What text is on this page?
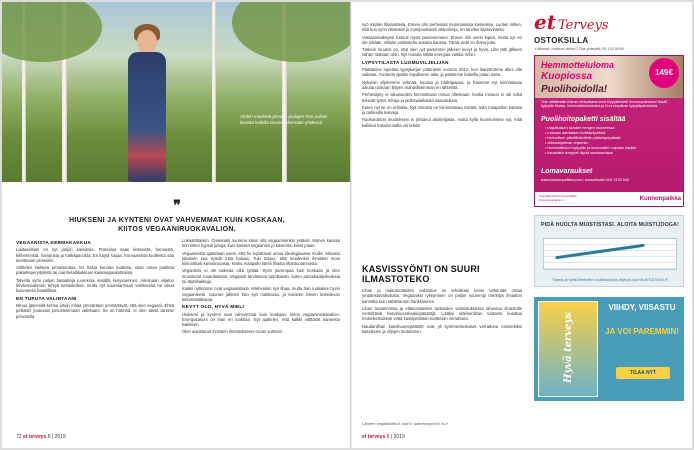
Vlahin mielestä järvien, joulujen hän palsta kiertää kaikilla tavoin tekemään yhdessä.
❞
HIUKSENI JA KYNTENI OVAT VAHVEMMAT KUIN KOSKAAN, KIITOS VEGAANIRUOKAVALION.
VEGAANISTA KERMAKAKKUA

Lautaselliani on nyt paljon kasviksia. Proteiinia saan linsseistä, herneistä, kikherneistä, hampusta ja härkäpavusta. En käytä soijaa. Korvaamista tuotteista saa tarvittavan proteiinin.

Välttelen kaikkea prosessoitua. En halua korvata tuotteita, vaan omaa joukkoa pakasteperyitykistä tai marmeladikakkuun kasvaispaaketteissa.

Talvella syön paljon bataatteja juureksia, kesällä kesyvaennes. Aikoinaan viljaton leivänmaahtoon tehtyä kesäaleittoa, mutta nyt kauratarmaan vaihtaessa ne olivat kasvuessa haastillisia.

EN TUPUTA VALINTAANI

Minua jäsennilä kertoa jotain mitaa ymmärtäen ymmärtävät, että olen vegaani. Ehkä pelkäsin joutuvani perustelemaan valintaani. Se on hölmöä, ei olen tässä tarvitse perustella.

Lokaattittaisiin. Onnekasti nuorena kävin sitä vegaaninenkin ystäviä. Monen kanssa tein sitten kypsiä juttuja, kuin kanssa vegaanien ja kävimme kiinni jotain.

Vegaaneista ajattelaan usein, että he tuputtavat omaa ideologiaansa muille. Minusta jokainen saa syödä mitä haluaa. Tuki totuus, että muidenkin ihmisten moni kiinnostuisi kasvisruoasta, koska maapallo kärsii lihasta lihantuotannosta.

Veganismi ei ole vaikeaa eikä työlää. Syön parempaa kuin koskaan ja olen innostunut ruuanlaitosta. Vegaanit tarvitsevat tarjoiltavan, kuten parsakaalipihvaksia tai täytekakkuja.

Kaikki nyttemme ovat vegaanistakin. Miehenikin syö lihaa, mutta hän ruokailee hyvin vegaanisesti. Saunan jälkeen hän syö makkaraa, ja toivoisin hänen kokeilevan kasvismakkaraa.

KEVYT OLO, HYVÄ MIELI

Hiukseni ja kynteni ovat vahvemmat kuin koskaan, kiitos vegaaniruokavalion. Energiatasoni on ihan eri luokkaa. Nyt ajattelen, että kaikki välttävät kannesta kaikkeen.

Olen aavistanut ihmisten ilmestokseeni ruoan suhteen.

72 et terveys 6 | 2019

syö mitään lihatuotteita. Ennen olin perheissä moninaisissa kasveissa. Luotan siihen, että kun syön riittävästi ja monipuolisesti vitamiineja, en tarvitse lisäravinteita.

Vastaanotaksyssi tuttuus myös paranimmeen. Ennen olin usein kipeä, mutta nyt en ole mitään, mitään valmisteltu sairaita kanssa. Tämä vielä on ihana juttu.

Tärkein muutos on, että olen nyt paremmin jälkeen kevyt ja hyvä. Liha jätti jälkeen vähän raskaan olon. Nyt minulla riittää energiaa vaikka mihin.

LYPSYTILASTA LUOMUVILJELIJÄN

Päättävine lopettaa lypsykarjan pitämisen vuonna 2012, kun laarettomme alkoi olla vaikeaa. Tuotanto ajettiin lopulliseen alas, ja päätimme kokeilla jotain uutta.

Nykyisin viljelemme vehnää, kauraa ja härkäpapua, ja haemme nyt kiinnostavia asioita ruokaan liittyen mahdollisimman eri lähteistä.

Perheviljely ei aikuisuuteni kiinnostanut minua ollenkaan, koska minuun ei ole tullut tekevät työtä, tehoja ja pidempiaikaisia saavutuksia.

Kuten nyt se on erilaista. Nyt minusta on kiinnostavaa miettiä, mitä maapallon kanssa ja tarkkailla kasveja.

Ruokavalioni muutokseni ei johtanut aloittelijasta, mutta kyllä huomioimme nyt, mitä kaikkea kasvisruoalla voi tehdä.

KASVISSYÖNTI ON SUURI ILMASTOTEKO

Lihan ja maitotuotteiden valmistus on tehokkain keino vähentää omaa ympäristövaikutusta. Vegaaniksi ryhtyminen on paljon suurempi merkitys ilmaston kannalta kuin sähköauton hankkiminen.

Lihan tuotannossa ja eläimenlaisten tuotteiden valmistuksessa aiheutuu ilmastolle merkittäviä kasvihuonekaasupäästöjä. Lisäksi eläimenlihan tuotanto kuluttaa moninkertaisesti vettä kasviperäisiin tuotteisiin verrattuna.

Naudanlihan kasvihuonepäästöt ovat yli kymmenkertaiset verrattuna esimerkiksi kasviksien ja viljojen tuotantoon.

Lähteet: vegaaniliitto.fi, wwf.fi, waterfootprint.fi, fs.fi
et terveys 6 | 2019
et Terveys
OSTOKSILLA
Yritykset: mainos tähän? Ota yhteyttä 09 120 5090.
Hemmotteluloma
Kuopiossa
Puolihoidolla!
149€
Tule viettämään ihanan rentouttava loma Kylpylähotelli Kunnonpaikkaan! Nautit kylpylän tiloista, hemmotteluhoidoista ja Kunnonpaikan kylpyläpalveluista.
Puolihoitopaketti sisältää
• majoituksen kahden hengen huoneessa
• runsaan aamiaisen buffetpöydästä
• herkullisen päivällisbuffetin päästöpöydästä
• viikkoohjelman ohjelmiin
• hemmotteluun kylpylän ja kuntosalien vapaan käytön
• kauantain lemppeli läydä savusaunaan
Lomavaraukset
www.kunnonpaikka.com / kunnolisalla 044 7476 540
Kylpylähotelli Kunnonpaikka, Kunnonpaikantie 1	Kunnonpaikka
PIDÄ HUOLTA MUISTISTASI. ALOITA MUISTIJOOGA!
Tutustu ja hanki Memoflex muistiharjoitus-kirjat ja osta MUISTIJOOGA.FI
Hyvä terveys
VIIHDY, VIISASTU
JA VOI PAREMMIN!
TILAA NYT
